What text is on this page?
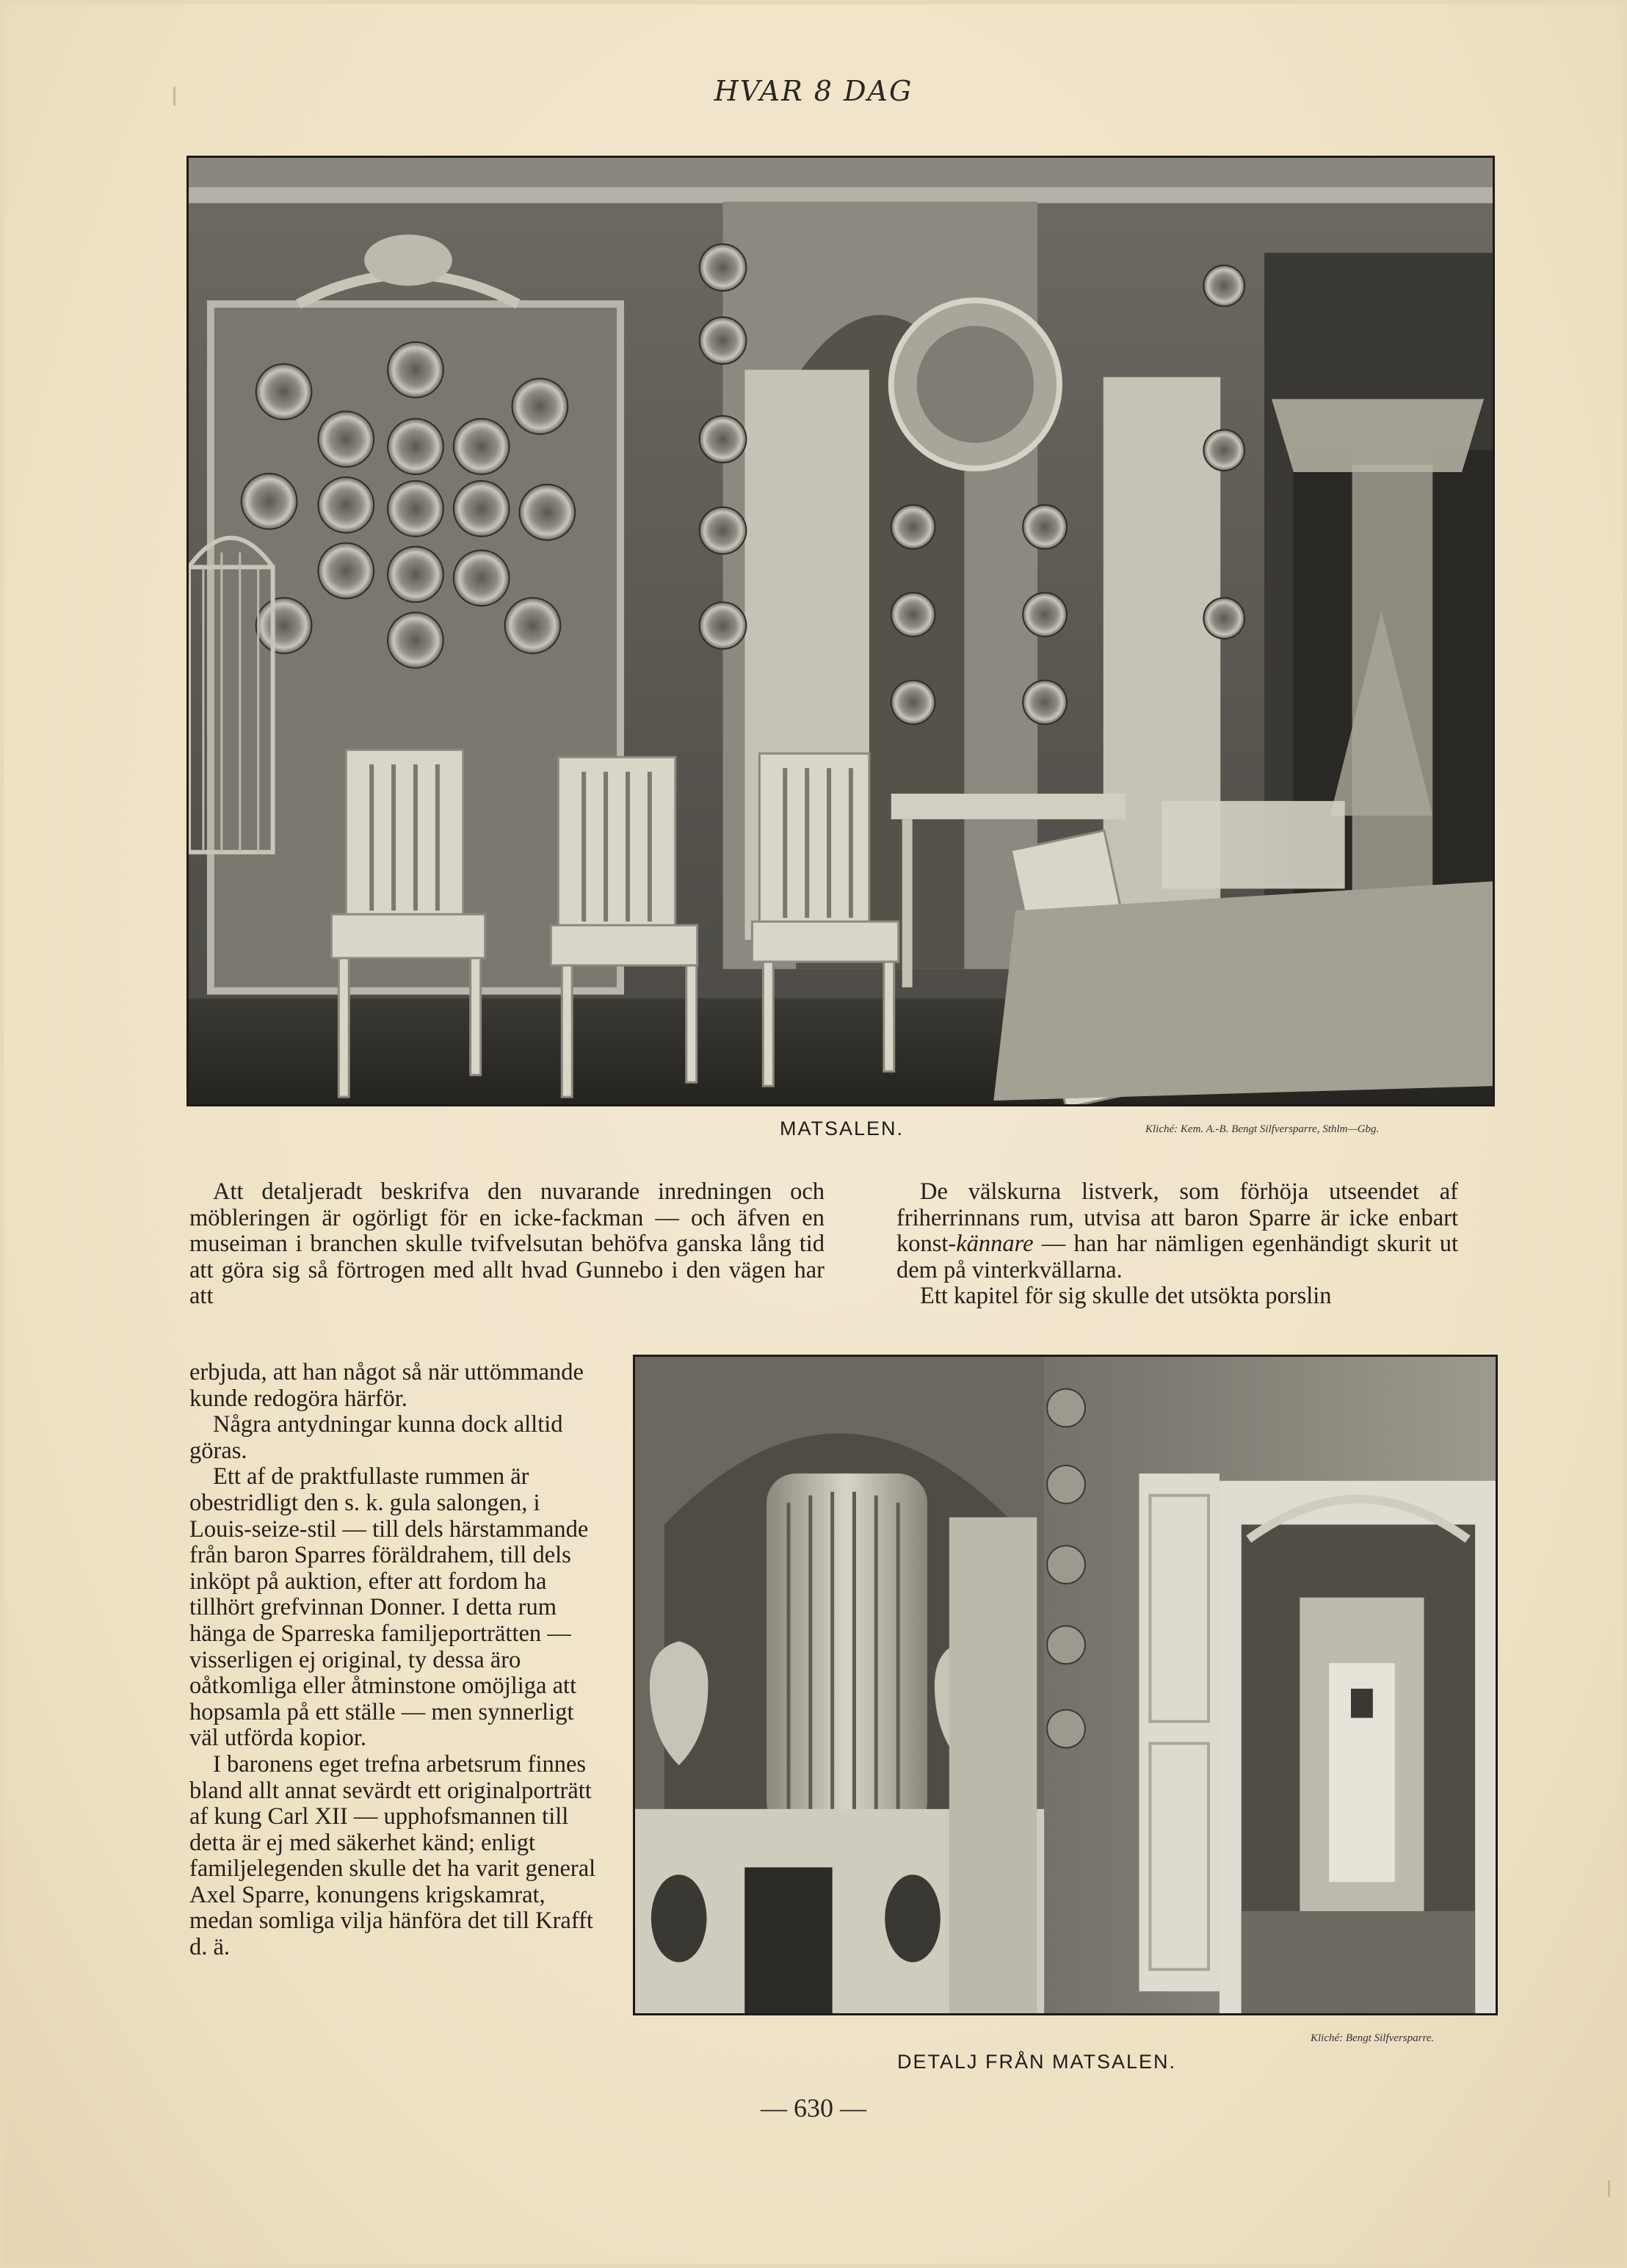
HVAR 8 DAG
MATSALEN.	Kliché: Kem. A.-B. Bengt Silfversparre, Sthlm—Gbg.

Att detaljeradt beskrifva den nuvarande inredningen och möbleringen är ogörligt för en icke-fackman — och äfven en museiman i branchen skulle tvifvelsutan behöfva ganska lång tid att göra sig så förtrogen med allt hvad Gunnebo i den vägen har att

erbjuda, att han något så när uttömmande kunde redogöra härför.

Några antydningar kunna dock alltid göras.

Ett af de praktfullaste rummen är obestridligt den s. k. gula salongen, i Louis-seize-stil — till dels härstammande från baron Sparres föräldrahem, till dels inköpt på auktion, efter att fordom ha tillhört grefvinnan Donner. I detta rum hänga de Sparreska familjeporträtten — visserligen ej original, ty dessa äro oåtkomliga eller åtminstone omöjliga att hopsamla på ett ställe — men synnerligt väl utförda kopior.

I baronens eget trefna arbetsrum finnes bland allt annat sevärdt ett originalporträtt af kung Carl XII — upphofsmannen till detta är ej med säkerhet känd; enligt familjelegenden skulle det ha varit general Axel Sparre, konungens krigskamrat, medan somliga vilja hänföra det till Krafft d. ä.

De välskurna listverk, som förhöja utseendet af friherrinnans rum, utvisa att baron Sparre är icke enbart konst-kännare — han har nämligen egenhändigt skurit ut dem på vinterkvällarna.

Ett kapitel för sig skulle det utsökta porslin

DETALJ FRÅN MATSALEN.
Kliché: Bengt Silfversparre.
— 630 —
